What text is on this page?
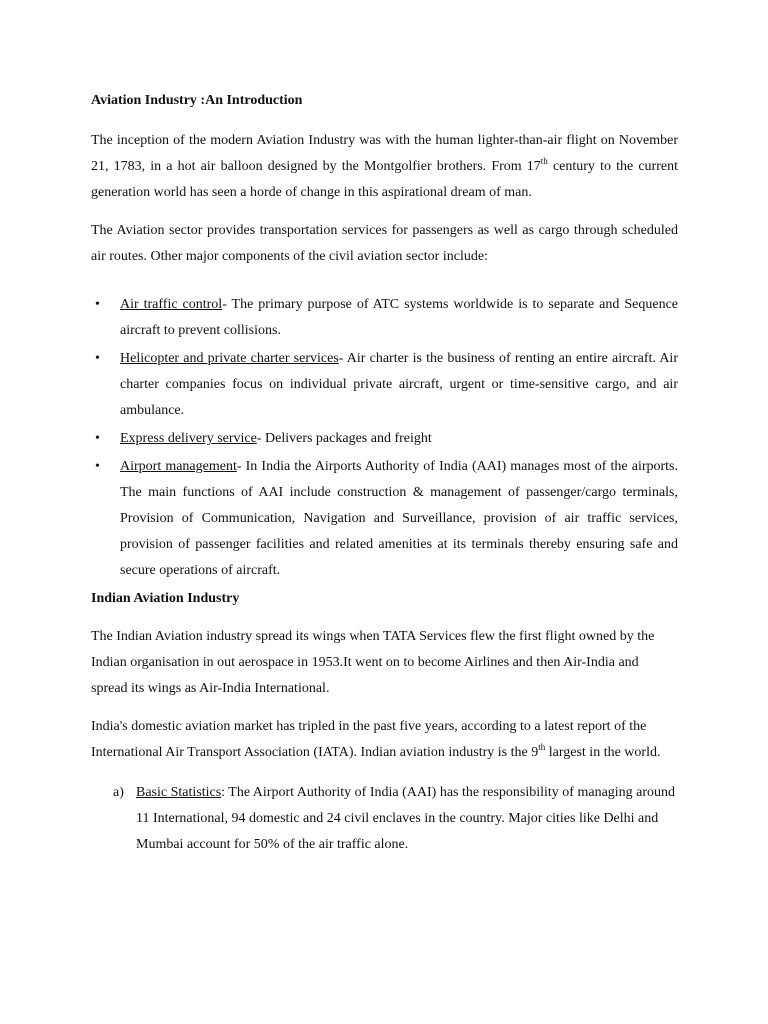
Aviation Industry :An Introduction

The inception of the modern Aviation Industry was with the human lighter-than-air flight on November 21, 1783, in a hot air balloon designed by the Montgolfier brothers. From 17th century to the current generation world has seen a horde of change in this aspirational dream of man.

The Aviation sector provides transportation services for passengers as well as cargo through scheduled air routes. Other major components of the civil aviation sector include:

• Air traffic control- The primary purpose of ATC systems worldwide is to separate and Sequence aircraft to prevent collisions.
• Helicopter and private charter services- Air charter is the business of renting an entire aircraft. Air charter companies focus on individual private aircraft, urgent or time-sensitive cargo, and air ambulance.
• Express delivery service- Delivers packages and freight
• Airport management- In India the Airports Authority of India (AAI) manages most of the airports. The main functions of AAI include construction & management of passenger/cargo terminals, Provision of Communication, Navigation and Surveillance, provision of air traffic services, provision of passenger facilities and related amenities at its terminals thereby ensuring safe and secure operations of aircraft.

Indian Aviation Industry

The Indian Aviation industry spread its wings when TATA Services flew the first flight owned by the Indian organisation in out aerospace in 1953.It went on to become Airlines and then Air-India and spread its wings as Air-India International.

India's domestic aviation market has tripled in the past five years, according to a latest report of the International Air Transport Association (IATA). Indian aviation industry is the 9th largest in the world.

a) Basic Statistics: The Airport Authority of India (AAI) has the responsibility of managing around 11 International, 94 domestic and 24 civil enclaves in the country. Major cities like Delhi and Mumbai account for 50% of the air traffic alone.
